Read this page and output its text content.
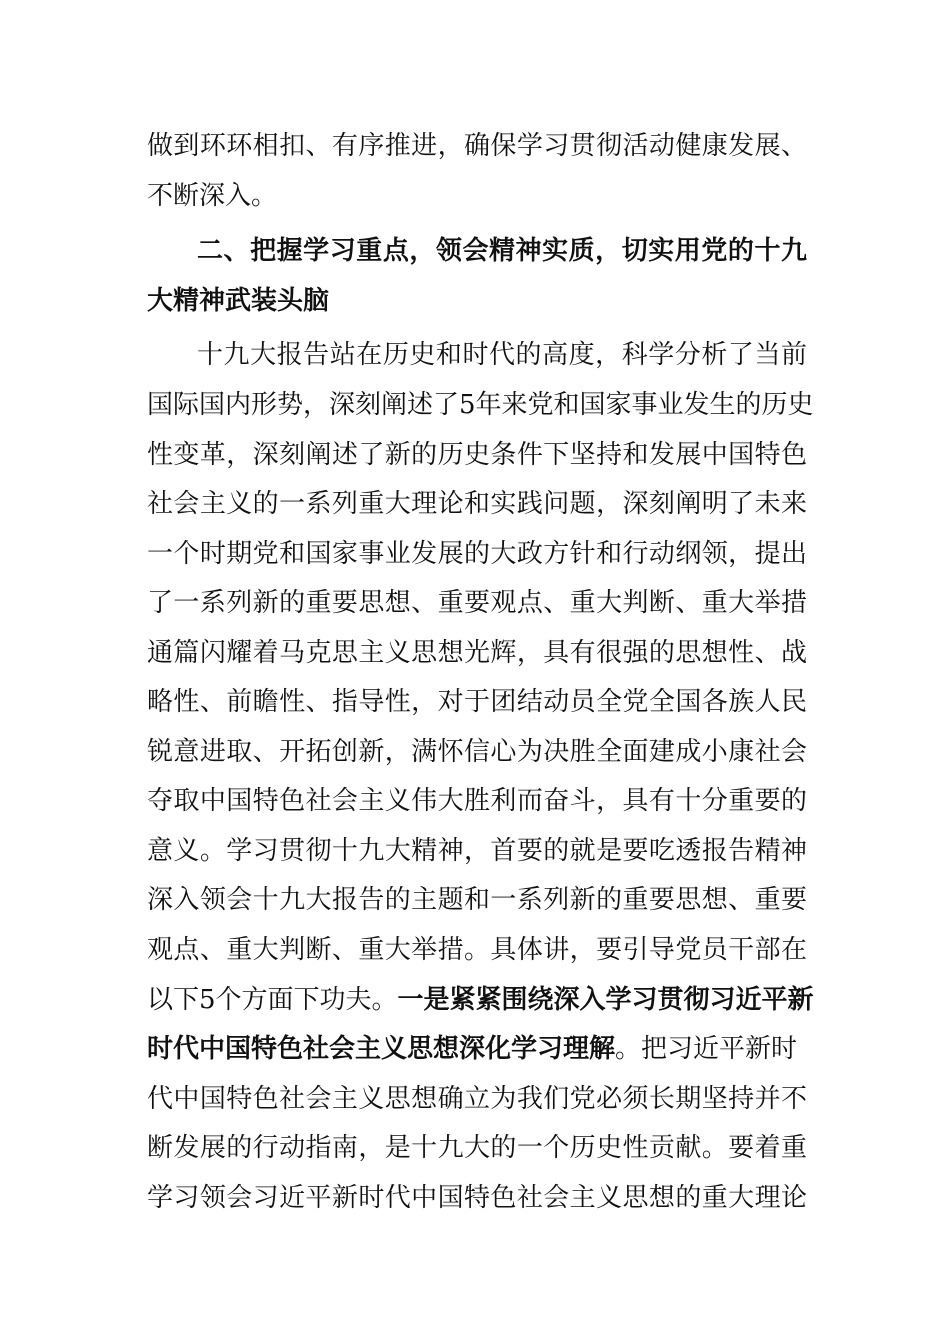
做到环环相扣、有序推进，确保学习贯彻活动健康发展、
不断深入。
二、把握学习重点，领会精神实质，切实用党的十九
大精神武装头脑
十九大报告站在历史和时代的高度，科学分析了当前
国际国内形势，深刻阐述了5年来党和国家事业发生的历史
性变革，深刻阐述了新的历史条件下坚持和发展中国特色
社会主义的一系列重大理论和实践问题，深刻阐明了未来
一个时期党和国家事业发展的大政方针和行动纲领，提出
了一系列新的重要思想、重要观点、重大判断、重大举措
通篇闪耀着马克思主义思想光辉，具有很强的思想性、战
略性、前瞻性、指导性，对于团结动员全党全国各族人民
锐意进取、开拓创新，满怀信心为决胜全面建成小康社会
夺取中国特色社会主义伟大胜利而奋斗，具有十分重要的
意义。学习贯彻十九大精神，首要的就是要吃透报告精神
深入领会十九大报告的主题和一系列新的重要思想、重要
观点、重大判断、重大举措。具体讲，要引导党员干部在
以下5个方面下功夫。一是紧紧围绕深入学习贯彻习近平新
时代中国特色社会主义思想深化学习理解。把习近平新时
代中国特色社会主义思想确立为我们党必须长期坚持并不
断发展的行动指南，是十九大的一个历史性贡献。要着重
学习领会习近平新时代中国特色社会主义思想的重大理论
